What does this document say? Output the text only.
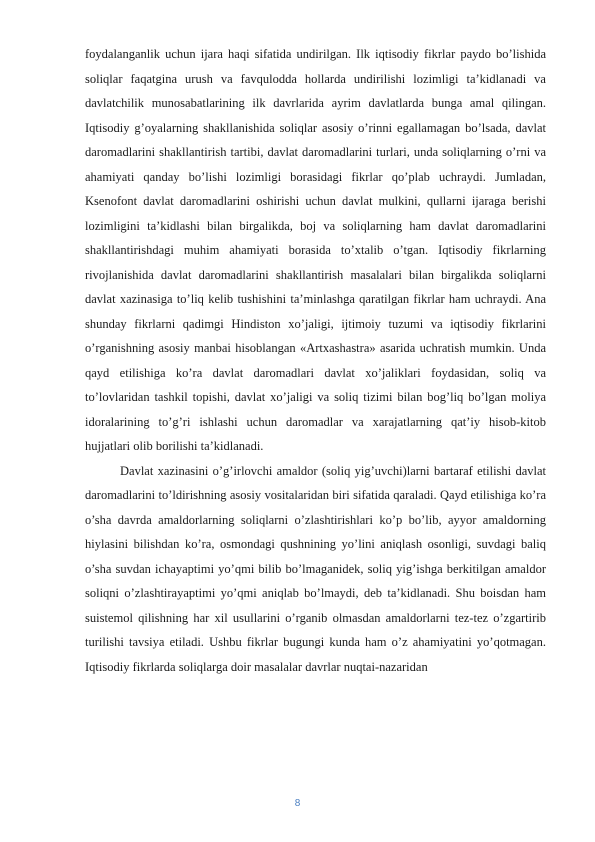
foydalanganlik uchun ijara haqi sifatida undirilgan. Ilk iqtisodiy fikrlar paydo bo’lishida soliqlar faqatgina urush va favqulodda hollarda undirilishi lozimligi ta’kidlanadi va davlatchilik munosabatlarining ilk davrlarida ayrim davlatlarda bunga amal qilingan. Iqtisodiy g’oyalarning shakllanishida soliqlar asosiy o’rinni egallamagan bo’lsada, davlat daromadlarini shakllantirish tartibi, davlat daromadlarini turlari, unda soliqlarning o’rni va ahamiyati qanday bo’lishi lozimligi borasidagi fikrlar qo’plab uchraydi. Jumladan, Ksenofont davlat daromadlarini oshirishi uchun davlat mulkini, qullarni ijaraga berishi lozimligini ta’kidlashi bilan birgalikda, boj va soliqlarning ham davlat daromadlarini shakllantirishdagi muhim ahamiyati borasida to’xtalib o’tgan. Iqtisodiy fikrlarning rivojlanishida davlat daromadlarini shakllantirish masalalari bilan birgalikda soliqlarni davlat xazinasiga to’liq kelib tushishini ta’minlashga qaratilgan fikrlar ham uchraydi. Ana shunday fikrlarni qadimgi Hindiston xo’jaligi, ijtimoiy tuzumi va iqtisodiy fikrlarini o’rganishning asosiy manbai hisoblangan «Artxashastra» asarida uchratish mumkin. Unda qayd etilishiga ko’ra davlat daromadlari davlat xo’jaliklari foydasidan, soliq va to’lovlaridan tashkil topishi, davlat xo’jaligi va soliq tizimi bilan bog’liq bo’lgan moliya idoralarining to’g’ri ishlashi uchun daromadlar va xarajatlarning qat’iy hisob-kitob hujjatlari olib borilishi ta’kidlanadi.

Davlat xazinasini o’g’irlovchi amaldor (soliq yig’uvchi)larni bartaraf etilishi davlat daromadlarini to’ldirishning asosiy vositalaridan biri sifatida qaraladi. Qayd etilishiga ko’ra o’sha davrda amaldorlarning soliqlarni o’zlashtirishlari ko’p bo’lib, ayyor amaldorning hiylasini bilishdan ko’ra, osmondagi qushnining yo’lini aniqlash osonligi, suvdagi baliq o’sha suvdan ichayaptimi yo’qmi bilib bo’lmaganidek, soliq yig’ishga berkitilgan amaldor soliqni o’zlashtirayaptimi yo’qmi aniqlab bo’lmaydi, deb ta’kidlanadi. Shu boisdan ham suistemol qilishning har xil usullarini o’rganib olmasdan amaldorlarni tez-tez o’zgartirib turilishi tavsiya etiladi. Ushbu fikrlar bugungi kunda ham o’z ahamiyatini yo’qotmagan. Iqtisodiy fikrlarda soliqlarga doir masalalar davrlar nuqtai-nazaridan

8
